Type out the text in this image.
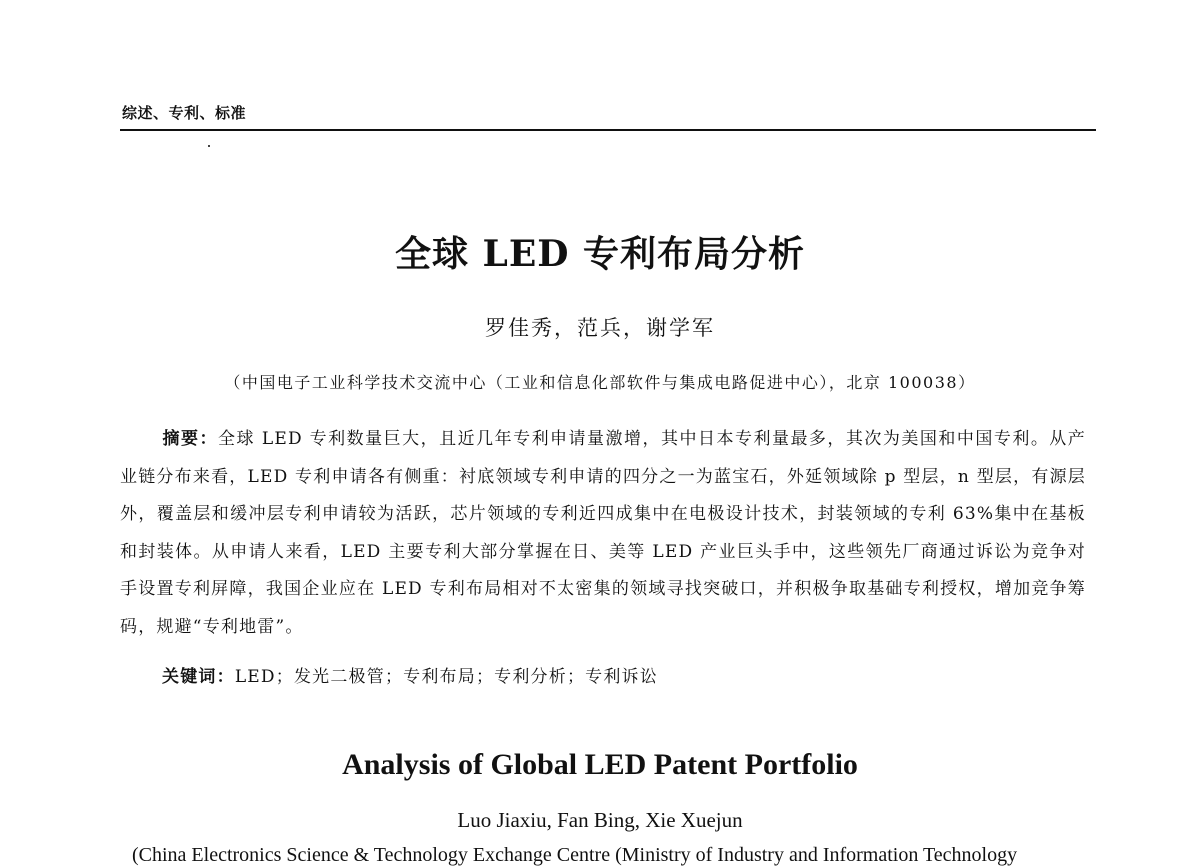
综述、专利、标准
全球 LED 专利布局分析
罗佳秀，范兵，谢学军
（中国电子工业科学技术交流中心（工业和信息化部软件与集成电路促进中心），北京 100038）

摘要：全球 LED 专利数量巨大，且近几年专利申请量激增，其中日本专利量最多，其次为美国和中国专利。从产业链分布来看，LED 专利申请各有侧重：衬底领域专利申请的四分之一为蓝宝石，外延领域除 p 型层，n 型层，有源层外，覆盖层和缓冲层专利申请较为活跃，芯片领域的专利近四成集中在电极设计技术，封装领域的专利 63%集中在基板和封装体。从申请人来看，LED 主要专利大部分掌握在日、美等 LED 产业巨头手中，这些领先厂商通过诉讼为竞争对手设置专利屏障，我国企业应在 LED 专利布局相对不太密集的领域寻找突破口，并积极争取基础专利授权，增加竞争筹码，规避“专利地雷”。

关键词：LED；发光二极管；专利布局；专利分析；专利诉讼
Analysis of Global LED Patent Portfolio
Luo Jiaxiu, Fan Bing, Xie Xuejun
(China Electronics Science & Technology Exchange Centre (Ministry of Industry and Information Technology
